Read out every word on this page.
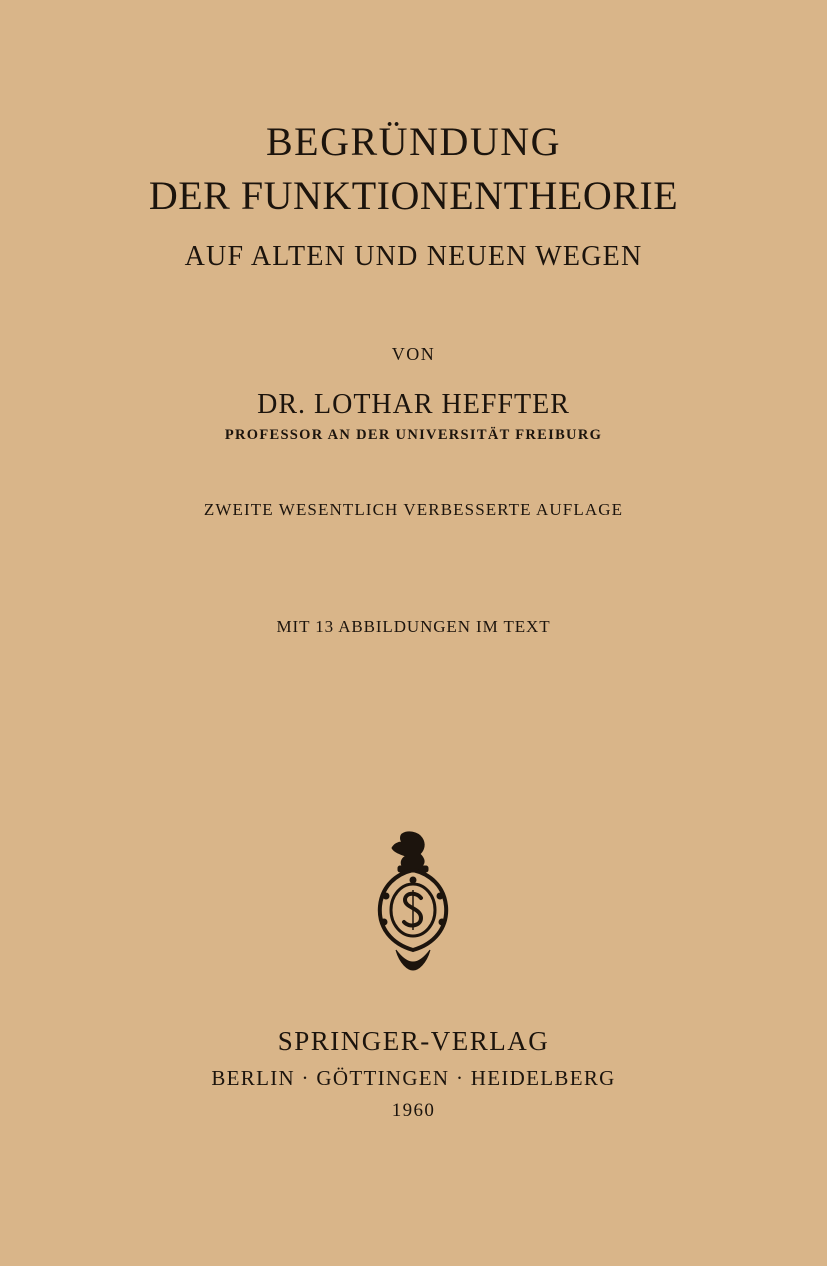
BEGRÜNDUNG
DER FUNKTIONENTHEORIE
AUF ALTEN UND NEUEN WEGEN
VON
DR. LOTHAR HEFFTER
PROFESSOR AN DER UNIVERSITÄT FREIBURG
ZWEITE WESENTLICH VERBESSERTE AUFLAGE
MIT 13 ABBILDUNGEN IM TEXT
SPRINGER-VERLAG
BERLIN · GÖTTINGEN · HEIDELBERG
1960
